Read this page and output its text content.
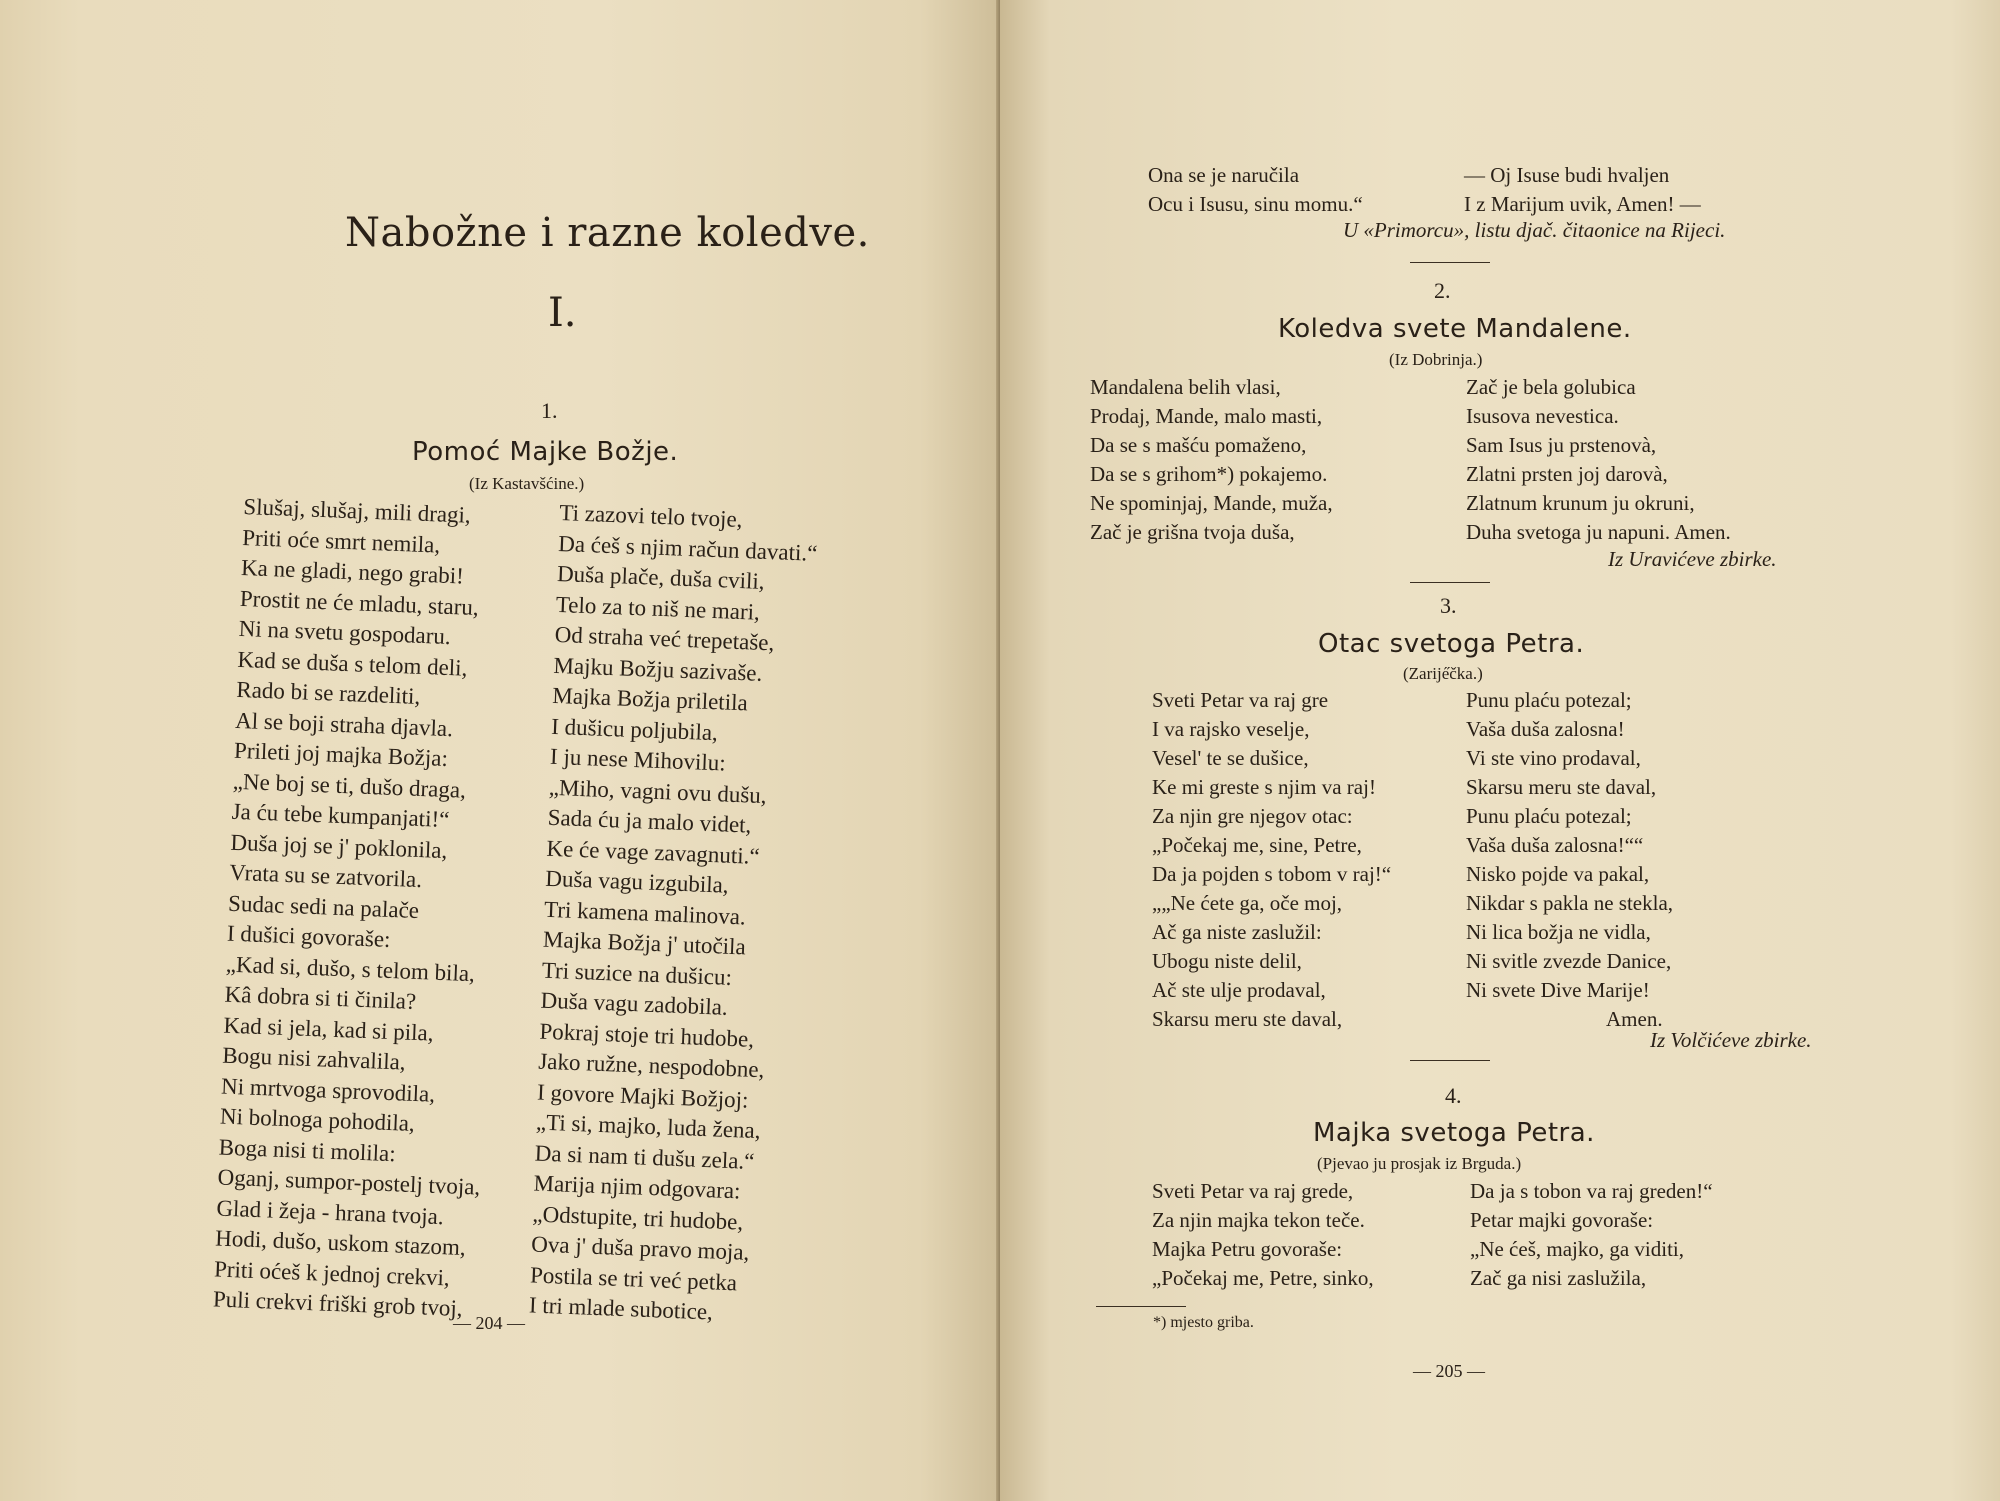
Nabožne i razne koledve.
I.
1.
Pomoć Majke Božje.
(Iz Kastavšćine.)
Slušaj, slušaj, mili dragi,
Priti oće smrt nemila,
Ka ne gladi, nego grabi!
Prostit ne će mladu, staru,
Ni na svetu gospodaru.
Kad se duša s telom deli,
Rado bi se razdeliti,
Al se boji straha djavla.
Prileti joj majka Božja:
„Ne boj se ti, dušo draga,
Ja ću tebe kumpanjati!“
Duša joj se j' poklonila,
Vrata su se zatvorila.
Sudac sedi na palače
I dušici govoraše:
„Kad si, dušo, s telom bila,
Kâ dobra si ti činila?
Kad si jela, kad si pila,
Bogu nisi zahvalila,
Ni mrtvoga sprovodila,
Ni bolnoga pohodila,
Boga nisi ti molila:
Oganj, sumpor-postelj tvoja,
Glad i žeja - hrana tvoja.
Hodi, dušo, uskom stazom,
Priti oćeš k jednoj crekvi,
Puli crekvi friški grob tvoj,
Ti zazovi telo tvoje,
Da ćeš s njim račun davati.“
Duša plače, duša cvili,
Telo za to niš ne mari,
Od straha već trepetaše,
Majku Božju sazivaše.
Majka Božja priletila
I dušicu poljubila,
I ju nese Mihovilu:
„Miho, vagni ovu dušu,
Sada ću ja malo videt,
Ke će vage zavagnuti.“
Duša vagu izgubila,
Tri kamena malinova.
Majka Božja j' utočila
Tri suzice na dušicu:
Duša vagu zadobila.
Pokraj stoje tri hudobe,
Jako ružne, nespodobne,
I govore Majki Božjoj:
„Ti si, majko, luda žena,
Da si nam ti dušu zela.“
Marija njim odgovara:
„Odstupite, tri hudobe,
Ova j' duša pravo moja,
Postila se tri već petka
I tri mlade subotice,
— 204 —
Ona se je naručila
Ocu i Isusu, sinu momu.“
— Oj Isuse budi hvaljen
I z Marijum uvik, Amen! —
U «Primorcu», listu djač. čitaonice na Rijeci.
2.
Koledva svete Mandalene.
(Iz Dobrinja.)
Mandalena belih vlasi,
Prodaj, Mande, malo masti,
Da se s mašću pomaženo,
Da se s grihom*) pokajemo.
Ne spominjaj, Mande, muža,
Zač je grišna tvoja duša,
Zač je bela golubica
Isusova nevestica.
Sam Isus ju prstenovà,
Zlatni prsten joj darovà,
Zlatnum krunum ju okruni,
Duha svetoga ju napuni. Amen.
Iz Uravićeve zbirke.
3.
Otac svetoga Petra.
(Zarije̋čka.)
Sveti Petar va raj gre
I va rajsko veselje,
Vesel' te se dušice,
Ke mi greste s njim va raj!
Za njin gre njegov otac:
„Počekaj me, sine, Petre,
Da ja pojden s tobom v raj!“
„„Ne ćete ga, oče moj,
Ač ga niste zaslužil:
Ubogu niste delil,
Ač ste ulje prodaval,
Skarsu meru ste daval,
Punu plaću potezal;
Vaša duša zalosna!
Vi ste vino prodaval,
Skarsu meru ste daval,
Punu plaću potezal;
Vaša duša zalosna!““
Nisko pojde va pakal,
Nikdar s pakla ne stekla,
Ni lica božja ne vidla,
Ni svitle zvezde Danice,
Ni svete Dive Marije!
Amen.
Iz Volčićeve zbirke.
4.
Majka svetoga Petra.
(Pjevao ju prosjak iz Brguda.)
Sveti Petar va raj grede,
Za njin majka tekon teče.
Majka Petru govoraše:
„Počekaj me, Petre, sinko,
Da ja s tobon va raj greden!“
Petar majki govoraše:
„Ne ćeš, majko, ga viditi,
Zač ga nisi zaslužila,
*) mjesto griba.
— 205 —
